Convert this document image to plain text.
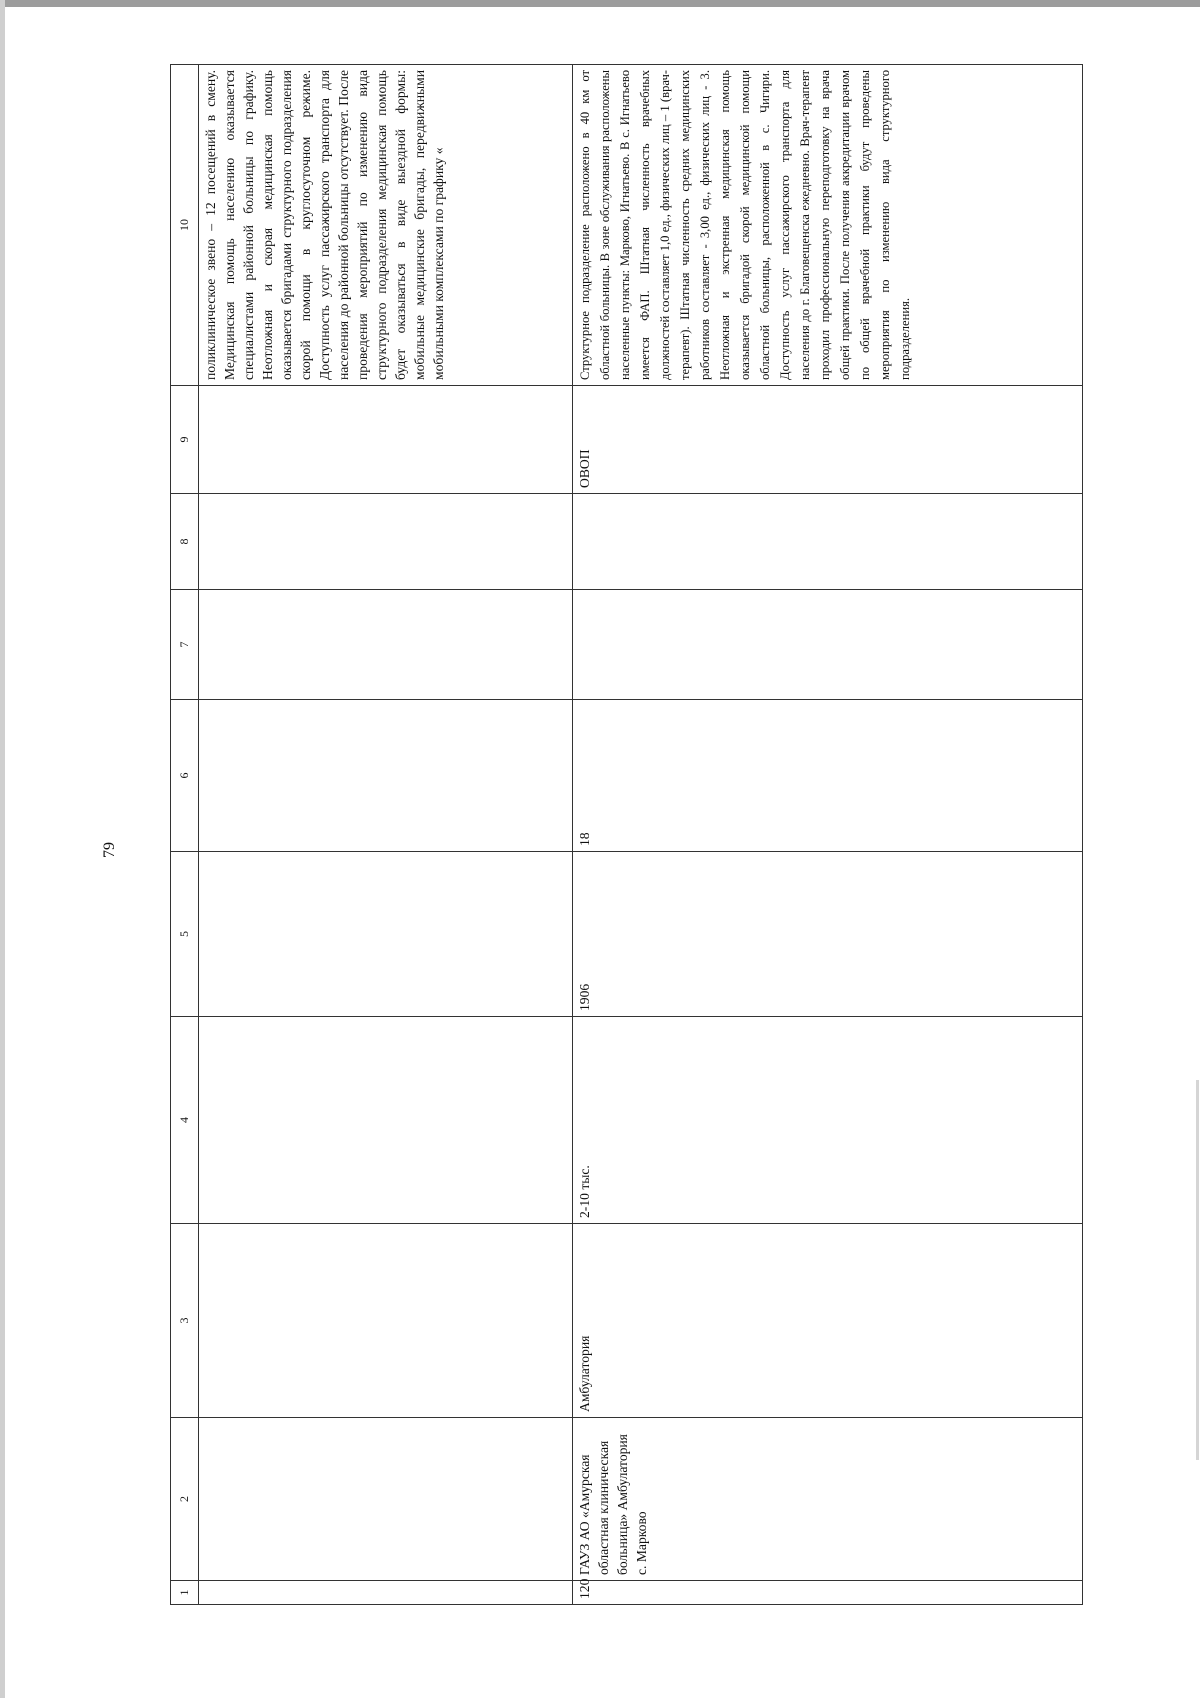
79
1	2	3	4	5	6	7	8	9	10
									поликлиническое звено – 12 посещений в смену. Медицинская помощь населению оказывается специалистами районной больницы по графику. Неотложная и скорая медицинская помощь оказывается бригадами структурного подразделения скорой помощи в круглосуточном режиме. Доступность услуг пассажирского транспорта для населения до районной больницы отсутствует. После проведения мероприятий по изменению вида структурного подразделения медицинская помощь будет оказываться в виде выездной формы: мобильные медицинские бригады, передвижными мобильными комплексами по графику «
120	ГАУЗ АО «Амурская областная клиническая больница» Амбулатория с. Марково	Амбулатория	2-10 тыс.	1906	18			ОВОП	Структурное подразделение расположено в 40 км от областной больницы. В зоне обслуживания расположены населенные пункты: Марково, Игнатьево. В с. Игнатьево имеется ФАП. Штатная численность врачебных должностей составляет 1,0 ед., физических лиц – 1 (врач- терапевт). Штатная численность средних медицинских работников составляет - 3,00 ед., физических лиц - 3. Неотложная и экстренная медицинская помощь оказывается бригадой скорой медицинской помощи областной больницы, расположенной в с. Чигири. Доступность услуг пассажирского транспорта для населения до г. Благовещенска ежедневно. Врач-терапевт проходил профессиональную переподготовку на врача общей практики. После получения аккредитации врачом по общей врачебной практики будут проведены мероприятия по изменению вида структурного подразделения.
